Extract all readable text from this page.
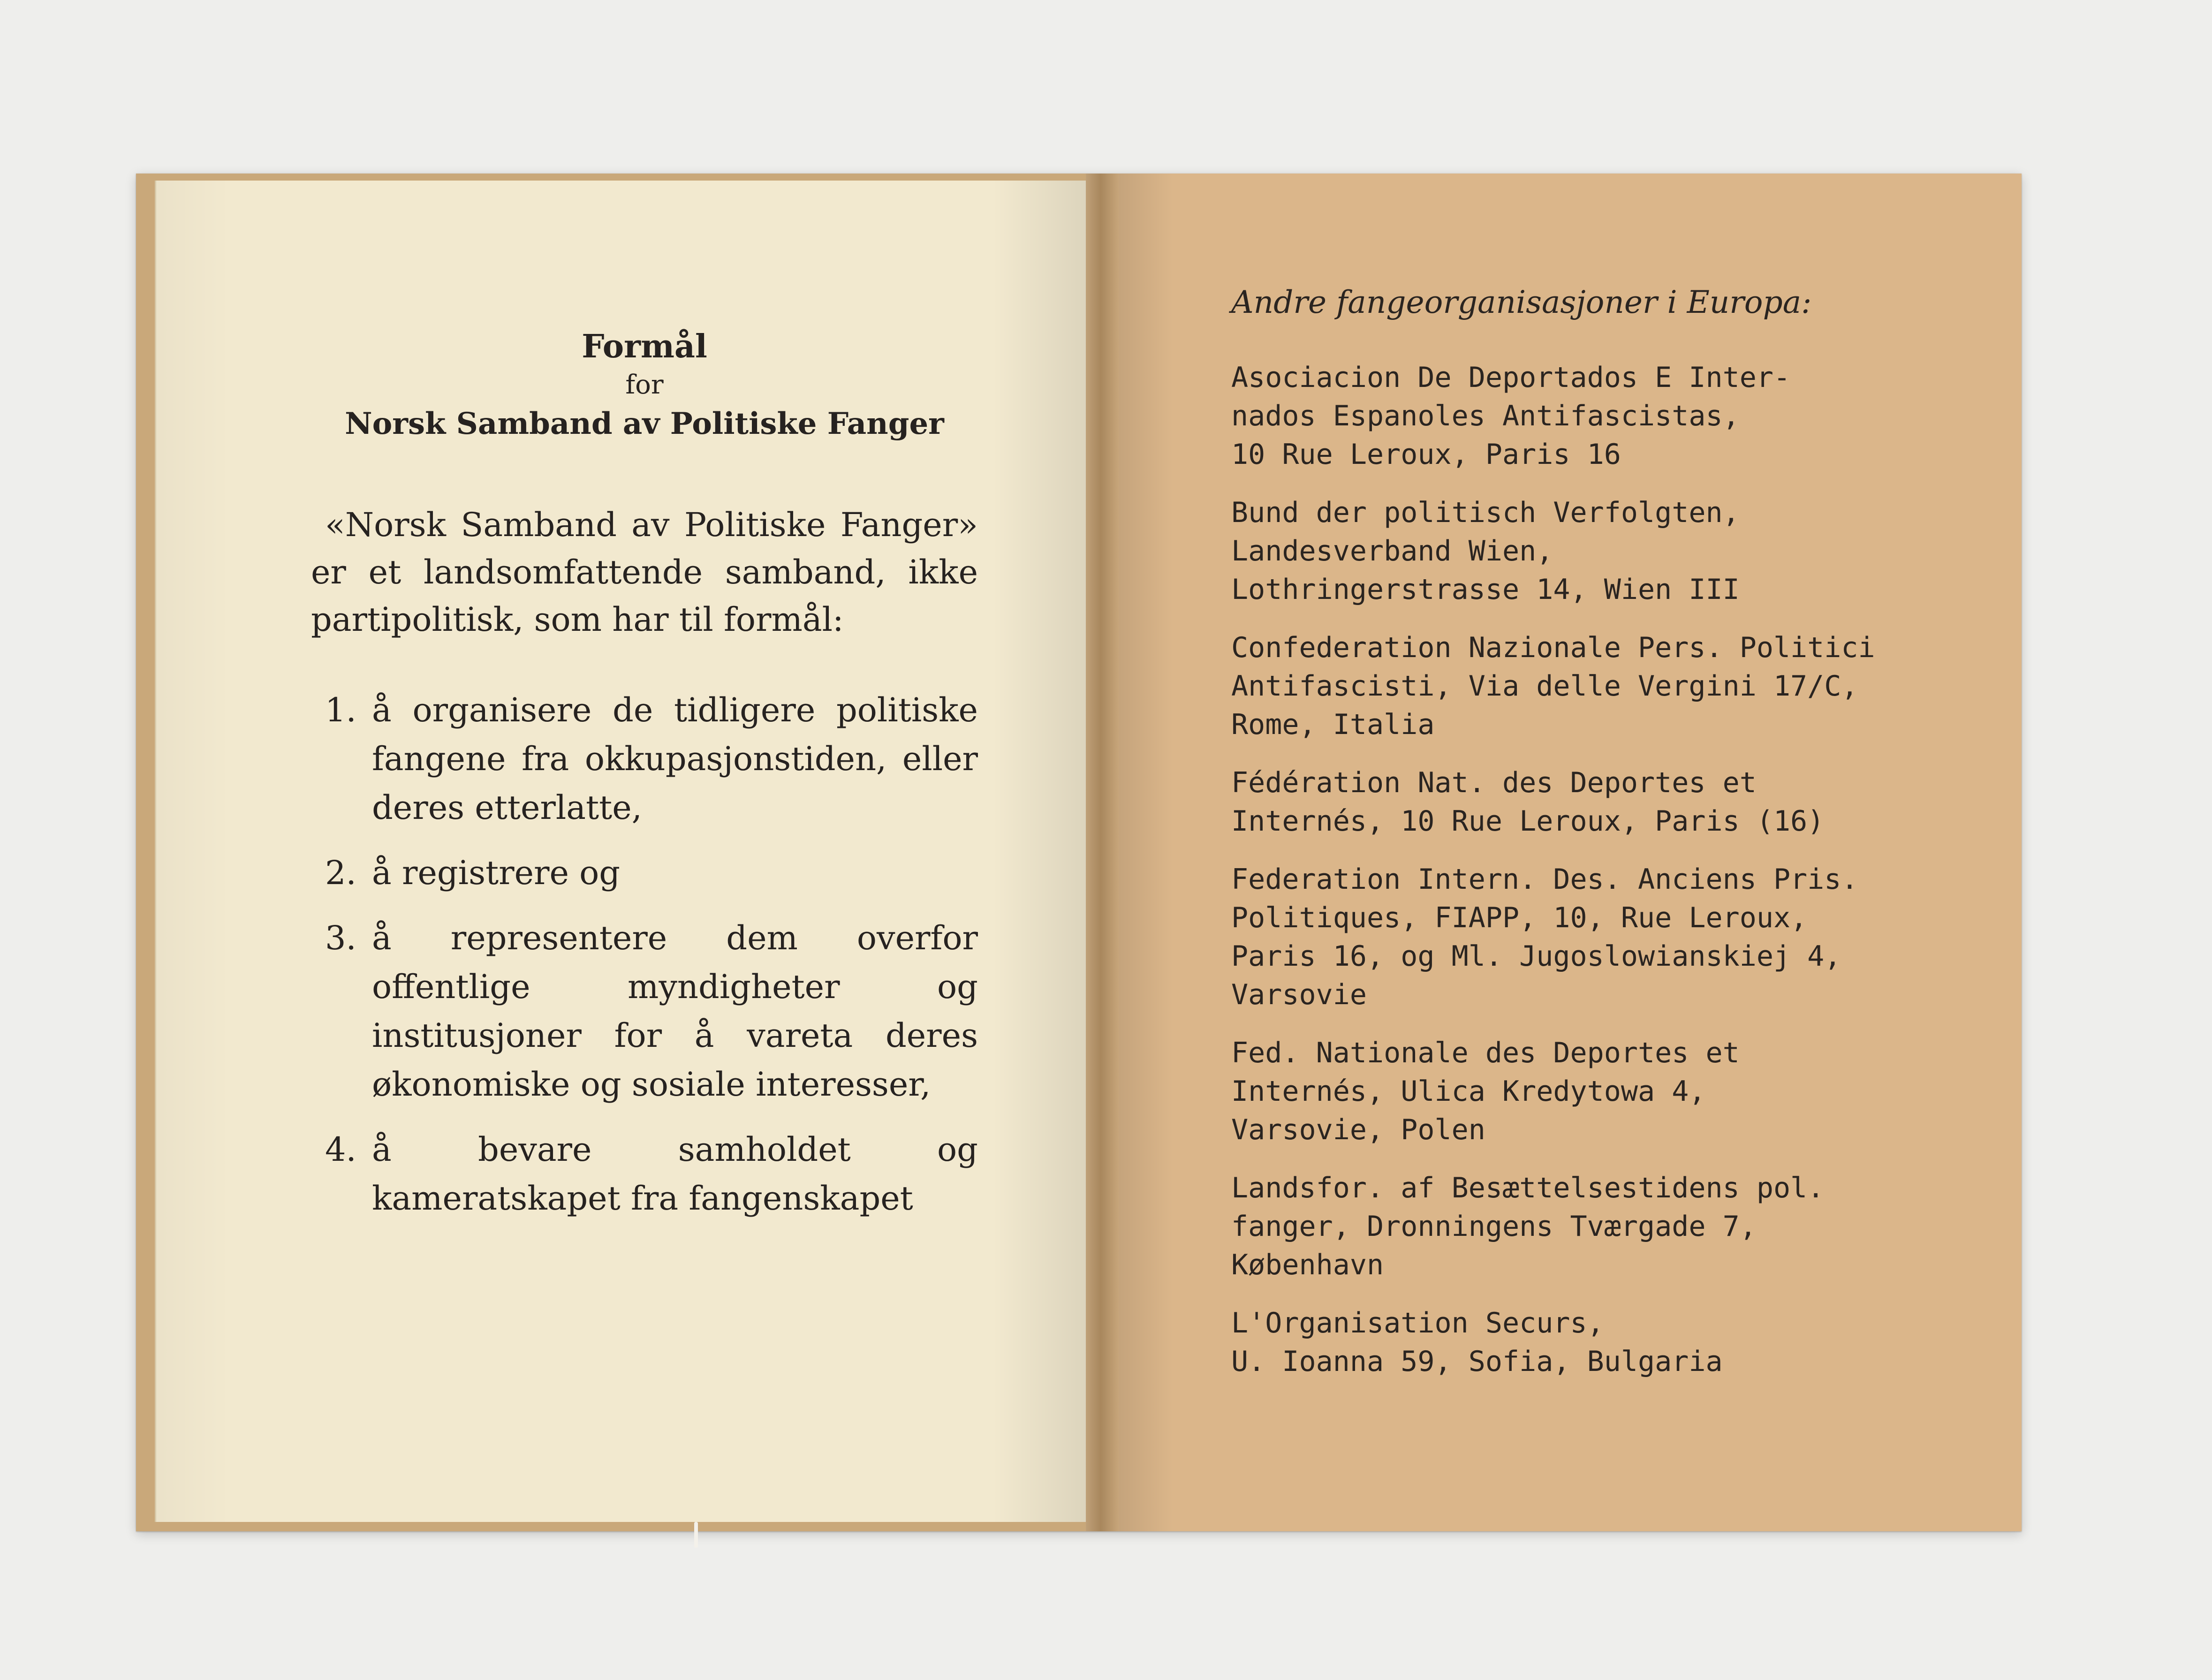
Formål

for

Norsk Samband av Politiske Fanger

«Norsk Samband av Politiske Fanger» er et landsomfattende samband, ikke partipolitisk, som har til formål:

1. å organisere de tidligere politiske fangene fra okkupasjonstiden, eller deres etterlatte,
2. å registrere og
3. å representere dem overfor offentlige myndigheter og institusjoner for å vareta deres økonomiske og sosiale interesser,
4. å bevare samholdet og kameratskapet fra fangenskapet

Andre fangeorganisasjoner i Europa:

Asociacion De Deportados E Inter-
nados Espanoles Antifascistas,
10 Rue Leroux, Paris 16
Bund der politisch Verfolgten,
Landesverband Wien,
Lothringerstrasse 14, Wien III
Confederation Nazionale Pers. Politici
Antifascisti, Via delle Vergini 17/C,
Rome, Italia
Fédération Nat. des Deportes et
Internés, 10 Rue Leroux, Paris (16)
Federation Intern. Des. Anciens Pris.
Politiques, FIAPP, 10, Rue Leroux,
Paris 16, og Ml. Jugoslowianskiej 4,
Varsovie
Fed. Nationale des Deportes et
Internés, Ulica Kredytowa 4,
Varsovie, Polen
Landsfor. af Besættelsestidens pol.
fanger, Dronningens Tværgade 7,
København
L'Organisation Securs,
U. Ioanna 59, Sofia, Bulgaria
